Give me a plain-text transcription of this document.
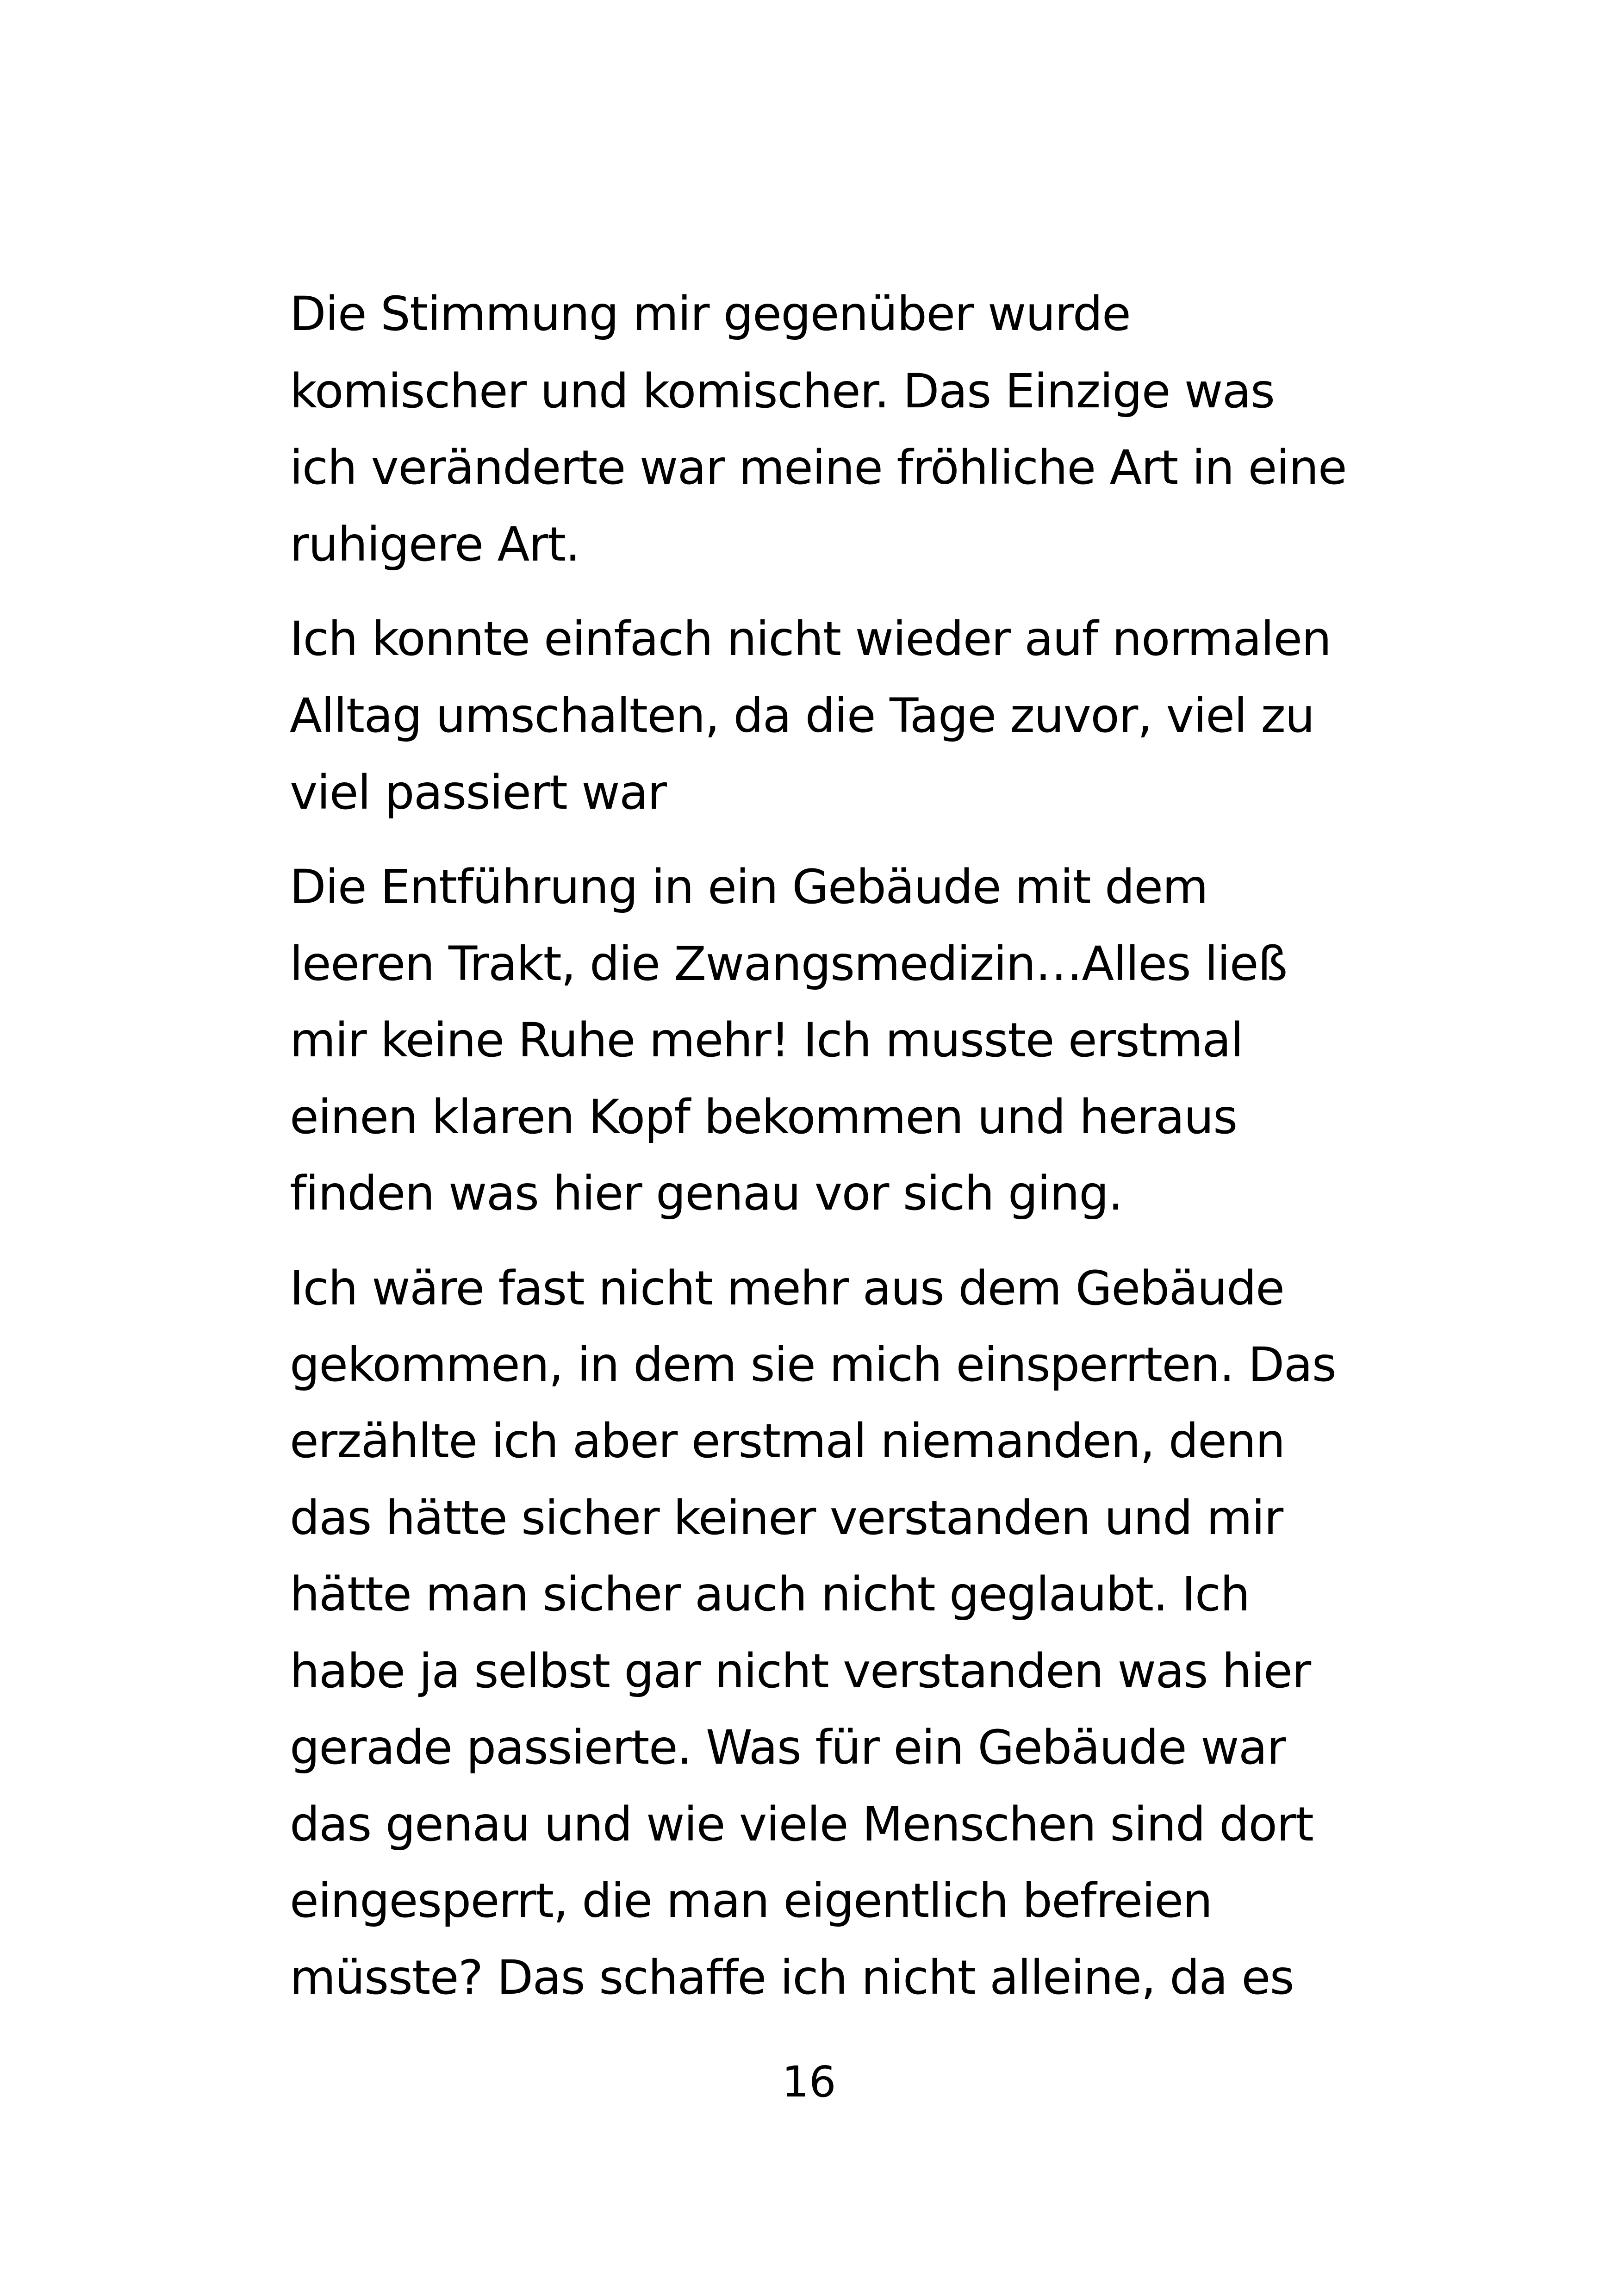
Die Stimmung mir gegenüber wurde
komischer und komischer. Das Einzige was
ich veränderte war meine fröhliche Art in eine
ruhigere Art.
Ich konnte einfach nicht wieder auf normalen
Alltag umschalten, da die Tage zuvor, viel zu
viel passiert war
Die Entführung in ein Gebäude mit dem
leeren Trakt, die Zwangsmedizin…Alles ließ
mir keine Ruhe mehr! Ich musste erstmal
einen klaren Kopf bekommen und heraus
finden was hier genau vor sich ging.
Ich wäre fast nicht mehr aus dem Gebäude
gekommen, in dem sie mich einsperrten. Das
erzählte ich aber erstmal niemanden, denn
das hätte sicher keiner verstanden und mir
hätte man sicher auch nicht geglaubt. Ich
habe ja selbst gar nicht verstanden was hier
gerade passierte. Was für ein Gebäude war
das genau und wie viele Menschen sind dort
eingesperrt, die man eigentlich befreien
müsste? Das schaffe ich nicht alleine, da es
16
